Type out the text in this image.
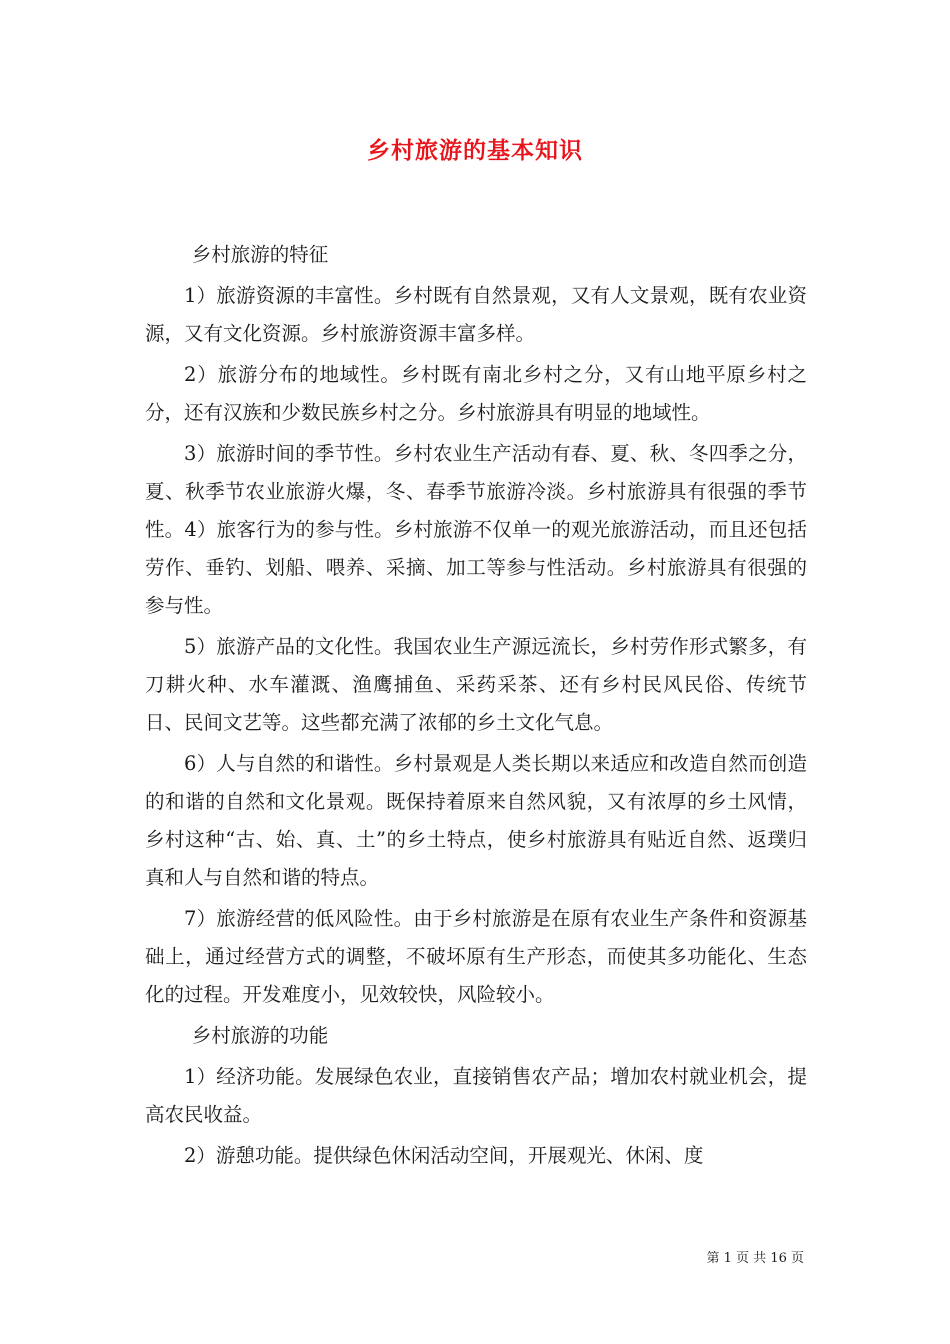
乡村旅游的基本知识

乡村旅游的特征

1）旅游资源的丰富性。乡村既有自然景观，又有人文景观，既有农业资源，又有文化资源。乡村旅游资源丰富多样。

2）旅游分布的地域性。乡村既有南北乡村之分，又有山地平原乡村之分，还有汉族和少数民族乡村之分。乡村旅游具有明显的地域性。

3）旅游时间的季节性。乡村农业生产活动有春、夏、秋、冬四季之分，夏、秋季节农业旅游火爆，冬、春季节旅游冷淡。乡村旅游具有很强的季节性。4）旅客行为的参与性。乡村旅游不仅单一的观光旅游活动，而且还包括劳作、垂钓、划船、喂养、采摘、加工等参与性活动。乡村旅游具有很强的参与性。

5）旅游产品的文化性。我国农业生产源远流长，乡村劳作形式繁多，有刀耕火种、水车灌溉、渔鹰捕鱼、采药采茶、还有乡村民风民俗、传统节日、民间文艺等。这些都充满了浓郁的乡土文化气息。

6）人与自然的和谐性。乡村景观是人类长期以来适应和改造自然而创造的和谐的自然和文化景观。既保持着原来自然风貌，又有浓厚的乡土风情，乡村这种“古、始、真、土”的乡土特点，使乡村旅游具有贴近自然、返璞归真和人与自然和谐的特点。

7）旅游经营的低风险性。由于乡村旅游是在原有农业生产条件和资源基础上，通过经营方式的调整，不破坏原有生产形态，而使其多功能化、生态化的过程。开发难度小，见效较快，风险较小。

乡村旅游的功能

1）经济功能。发展绿色农业，直接销售农产品；增加农村就业机会，提高农民收益。

2）游憩功能。提供绿色休闲活动空间，开展观光、休闲、度

第 1 页 共 16 页
